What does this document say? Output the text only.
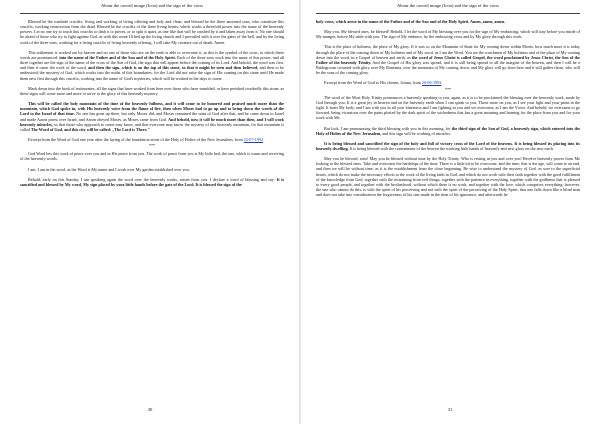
About the carved image (Icon) and the sign of the cross

Blessed be the roadside crucifix, living and working of living offering and holy and clean, and blessed be the three anointed sons, who constitute this crucifix, working resurrection from the dead. Blessed be the crucifix of the three living hearts, which works a threefold power into the name of the heavenly powers. Let no one try to touch this crucifix to dash it to pieces, or to split it apart, as one like that will be crushed by it and taken away from it. No one should be afraid of those who try to fight against God, as with this stone I lifted up the living church and I prevailed with it over the gates of the hell, and by the living work of the three sons, working for a living crucifix of living heavenly offering, I will take My creature out of death. Amen.

This settlement is worked out by heaven and no one of those who are on the earth is able to overcome it, as this is the symbol of the cross, to which these words are pronounced: into the name of the Father and of the Son and of the Holy Spirit. Each of the three sons work into the name of this power, and all three together are the sign of the name of the cross of the Son of God, the sign that will appear before the coming of its Lord. And behold, the word was first, and then it came the work of the word, and then the sign, which is on the top of this stone, so that it might be seen and then believed, and then to be understood the mystery of God, which works into the midst of this boundaries, for the Lord did not raise the sign of His coming on this stone until He made them new first through this crucifix, working into the name of God's mysteries, which will be worked in the days to come.

Mark down into the book of testimonies, all the signs that have worked from here over those who have stumbled, or have perished crookedly this stone, as these signs will come more and more to serve to the glory of this heavenly mystery.

This will be called the holy mountain of the time of the heavenly fullness, and it will come to be honored and praised much more than the mountain, which God spoke in, with His heavenly voice from the flame of fire, then when Moses had to go up and to bring down the words of the Lord to the Israel of that time. No one has gone up there, but only Moses did, and Moses remained the saint of God after that, and he came down to Israel and made Aaron priest over Israel, and Aaron obeyed Moses, as Moses came from God. And behold, now it will be much more than then, and I will work heavenly miracles, so that those who approach to come may know, and that everyone may know the mystery of this heavenly mountain, for this mountain is called The Word of God, and this city will be called: „The Lord is There."

Excerpt from the Word of God one year after the laying of the foundation stone of the Holy of Holies of the New Jerusalem, from 22-07-1992.

***

God Word lets this work of peace over you and in His peace from you. The work of peace from you is My little bed, the one, which is warm and receiving of the heavenly words.

I am. I am in the word, as the Word is My name and I work over My garden established over you.

Behold, early on this Sunday, I am speaking again the word over the heavenly works, arisen from you. I declare a word of blessing and say: It is sanctified and blessed by My word, My sign placed by your little hands before the gate of the Lord. It is blessed the sign of the

30
About the carved image (Icon) and the sign of the cross

holy cross, which arose in the name of the Father and of the Son and of the Holy Spirit. Amen, amen, amen.

May you, My blessed ones, be blessed! Behold, I let the word of My blessing over you for the sign of My embracing, which will stay before you inside of My manger, before My table with you. The sign of My embrace, by the embracing cross and by My glory through this work.

This is the place of holiness, the place of My glory. If it was so on the Mountain of Sinai for My coming down within Moses, how much more it is today through the place of the coming down of My holiness and of My word, as I am the Word. You are the watchmen of My holiness and of the place of My coming down into the word, in a Gospel of heaven and earth, as the word of Jesus Christ is called Gospel, the word proclaimed by Jesus Christ, the Son of the Father of the heavenly Trinity. And the Gospel of His glory was spread, and it is still being spread to all the margins of the heaven, and then I will be a Bridegroom crowned with glory over My Romania, over the mountain of My coming down, and My glory will go from here and it will gather those, who will be the sons of the coming glory.

Excerpt from the Word of God to His chosen, Iviana, from 20-06-1993.

***

The word of the Most Holy Trinity pronounces a heavenly speaking to you, again, as it is to be proclaimed the blessing over the heavenly work, made by God through you. It is a great joy in heaven and on the heavenly earth when I can speak to you. Those more on you, as I see your fight and your pains in the fight. It hurts My body, and I am with you in all your bitterness and I am fighting in you and we overcome, as I am the Victor. And behold, we overcame to go forward, being victorious over the pains plotted by the dark spirit of the wickedness that has a great moaning and burning for the place from you and for your work with Me.

But look, I am pronouncing the third blessing with you in this morning, for the third sign of the Son of God, a heavenly sign, which entered into the Holy of Holies of the New Jerusalem, and this sign will be working of miracles.

It is being blessed and sanctified the sign of the holy and full of victory cross of the Lord of the heavens. It is being blessed its placing into its heavenly dwelling. It is being blessed with the contentment of the heaven the working little hands of heavenly and new glory on the new earth.

May you be blessed, sons! May you be blessed without time by the Holy Trinity. Who is resting in you and over you! Receive heavenly power from Me looking to the blessed ones. Take and overcome the hardships of the time. There is a little bit to be overcome, and the time, that is the age, will come to an end, and then we will be without time, as it is the establishment from the close beginning. Be wise to understand the mystery of God, as woe to the superficial hearts, which do not make the necessary efforts to the work of the living faith in God, and which do not work with their faith together with the good fulfillment of the knowledge from God, together with the restraining from evil things, together with the patience in everything, together with the godliness that is pleased to every good people, and together with the brotherhood, without which there is no work, and together with the love, which comprises everything; however, the one who cannot do this, is with the spirit of his perceiving and not with the spirit of the perceiving of the Holy Spirit; that one falls down like a blind man and does not take into consideration the forgiveness of his sins made in the time of his ignorance, and afterwards he

31
